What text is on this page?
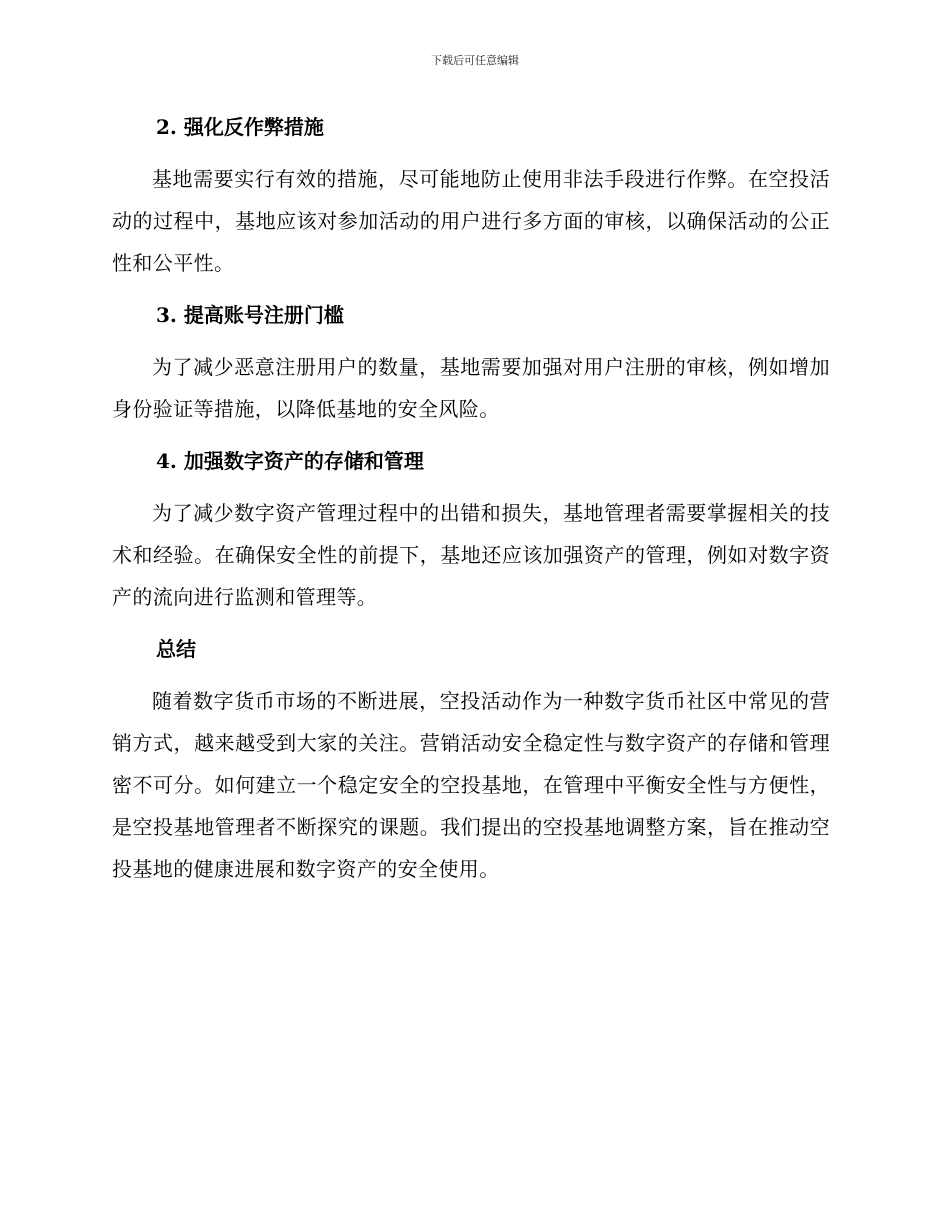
下载后可任意编辑
2. 强化反作弊措施

基地需要实行有效的措施，尽可能地防止使用非法手段进行作弊。在空投活动的过程中，基地应该对参加活动的用户进行多方面的审核，以确保活动的公正性和公平性。

3. 提高账号注册门槛

为了减少恶意注册用户的数量，基地需要加强对用户注册的审核，例如增加身份验证等措施，以降低基地的安全风险。

4. 加强数字资产的存储和管理

为了减少数字资产管理过程中的出错和损失，基地管理者需要掌握相关的技术和经验。在确保安全性的前提下，基地还应该加强资产的管理，例如对数字资产的流向进行监测和管理等。

总结

随着数字货币市场的不断进展，空投活动作为一种数字货币社区中常见的营销方式，越来越受到大家的关注。营销活动安全稳定性与数字资产的存储和管理密不可分。如何建立一个稳定安全的空投基地，在管理中平衡安全性与方便性，是空投基地管理者不断探究的课题。我们提出的空投基地调整方案，旨在推动空投基地的健康进展和数字资产的安全使用。
